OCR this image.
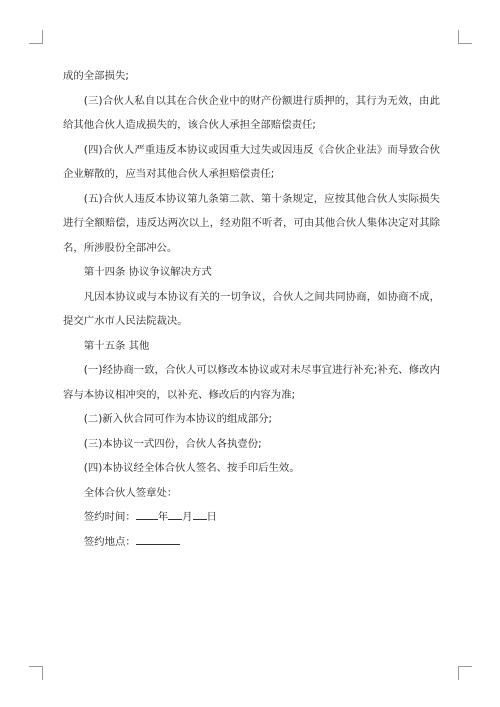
成的全部损失;

(三)合伙人私自以其在合伙企业中的财产份额进行质押的，其行为无效，由此给其他合伙人造成损失的，该合伙人承担全部赔偿责任;

(四)合伙人严重违反本协议或因重大过失或因违反《合伙企业法》而导致合伙企业解散的，应当对其他合伙人承担赔偿责任;

(五)合伙人违反本协议第九条第二款、第十条规定，应按其他合伙人实际损失进行全额赔偿，违反达两次以上，经劝阻不听者，可由其他合伙人集体决定对其除名，所涉股份全部冲公。

第十四条 协议争议解决方式

凡因本协议或与本协议有关的一切争议，合伙人之间共同协商，如协商不成，提交广水市人民法院裁决。

第十五条 其他

(一)经协商一致，合伙人可以修改本协议或对未尽事宜进行补充;补充、修改内容与本协议相冲突的，以补充、修改后的内容为准;

(二)新入伙合同可作为本协议的组成部分;

(三)本协议一式四份，合伙人各执壹份;

(四)本协议经全体合伙人签名、按手印后生效。

全体合伙人签章处：

签约时间： 年 月 日

签约地点：
